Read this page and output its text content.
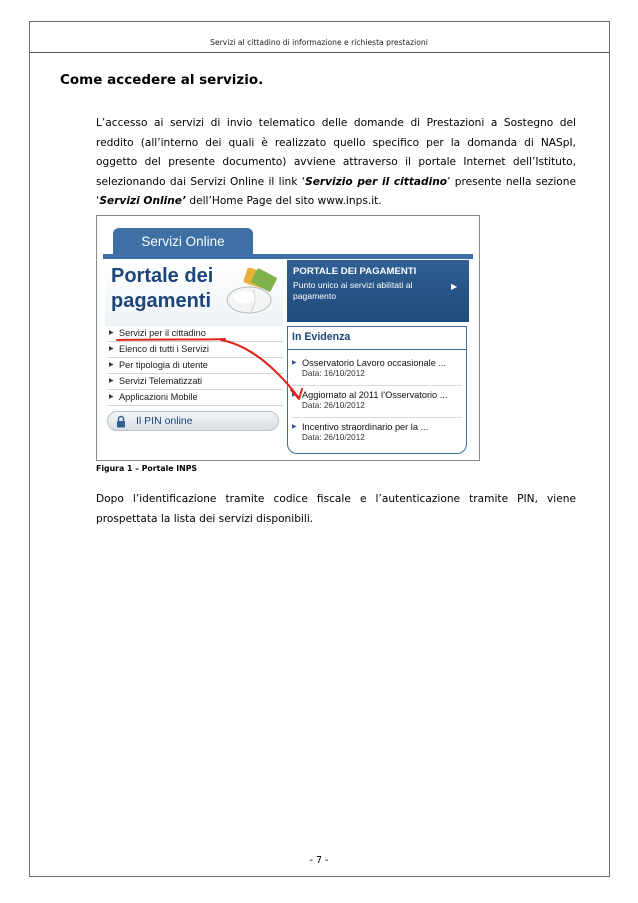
Servizi al cittadino di informazione e richiesta prestazioni
Come accedere al servizio.

L’accesso ai servizi di invio telematico delle domande di Prestazioni a Sostegno del reddito (all’interno dei quali è realizzato quello specifico per la domanda di NASpI, oggetto del presente documento) avviene attraverso il portale Internet dell’Istituto, selezionando dai Servizi Online il link ‘Servizio per il cittadino’ presente nella sezione ‘Servizi Online’ dell’Home Page del sito www.inps.it.

Servizi Online

Portale dei pagamenti

▶ Servizi per il cittadino
▶ Elenco di tutti i Servizi
▶ Per tipologia di utente
▶ Servizi Telematizzati
▶ Applicazioni Mobile
Il PIN online
PORTALE DEI PAGAMENTI
Punto unico ai servizi abilitati al pagamento
▶
In Evidenza
▶ Osservatorio Lavoro occasionale ...
Data: 16/10/2012
▶ Aggiornato al 2011 l’Osservatorio ...
Data: 26/10/2012
▶ Incentivo straordinario per la ...
Data: 26/10/2012

Figura 1 – Portale INPS

Dopo l’identificazione tramite codice fiscale e l’autenticazione tramite PIN, viene prospettata la lista dei servizi disponibili.

- 7 -
